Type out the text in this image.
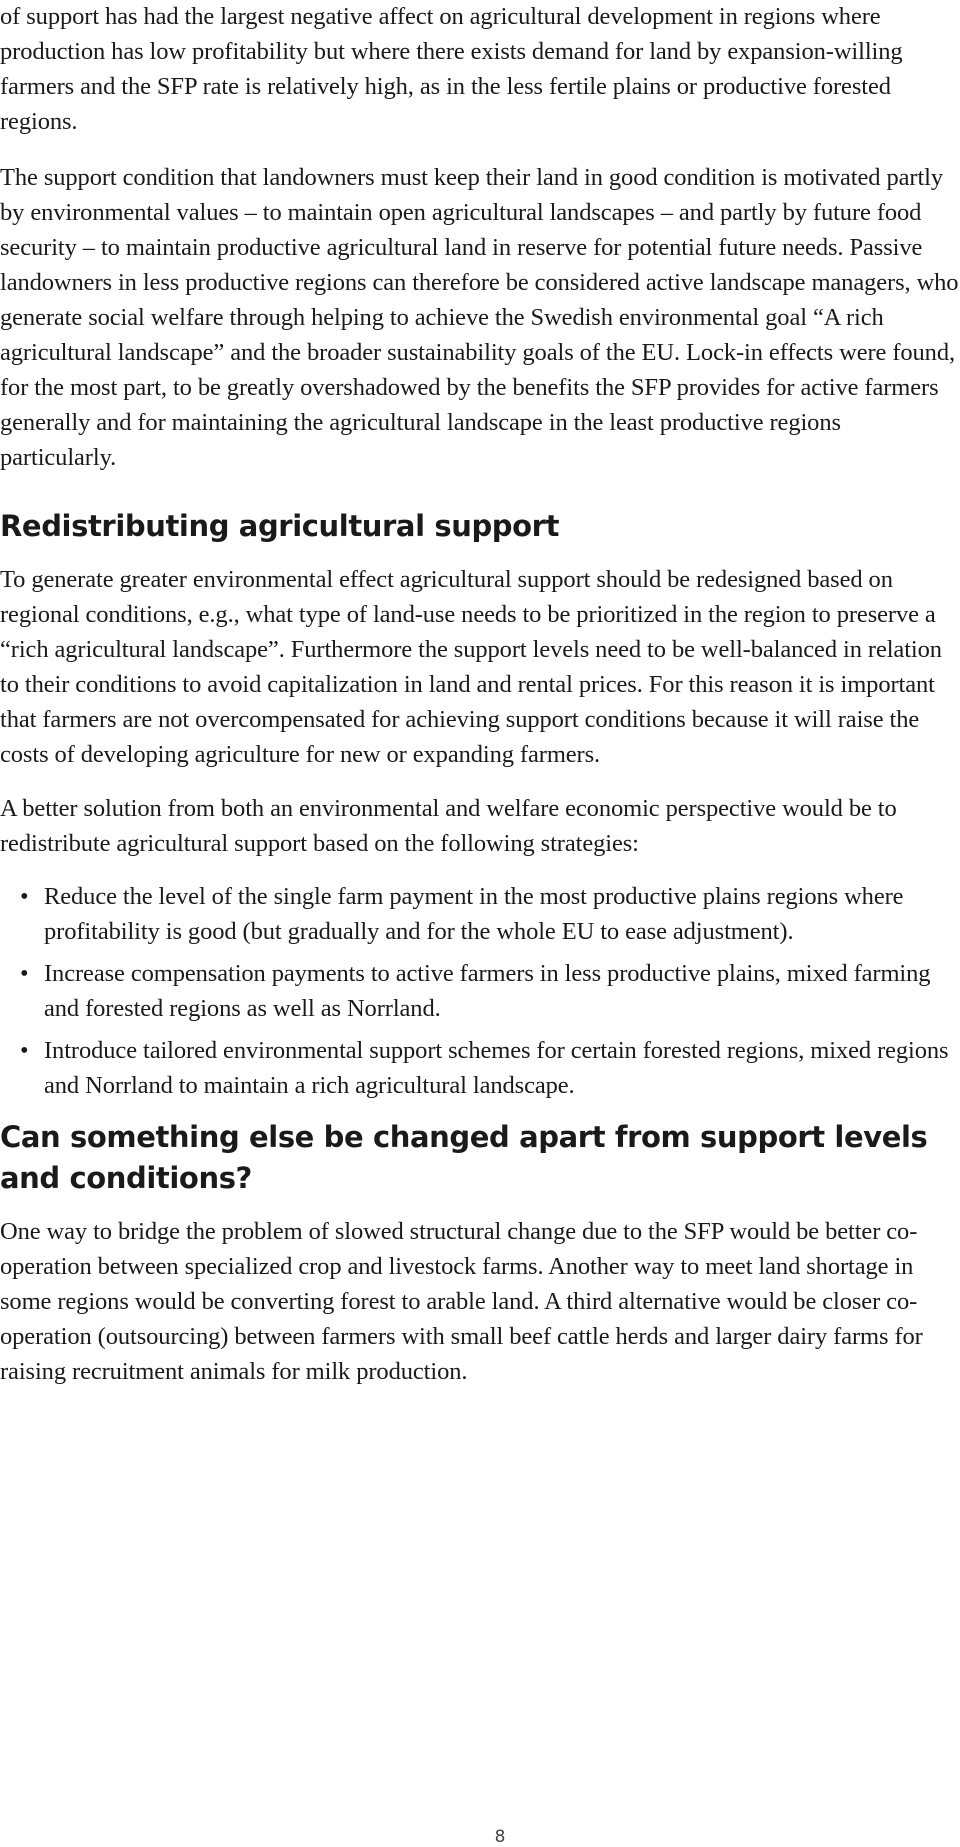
of support has had the largest negative affect on agricultural development in regions where production has low profitability but where there exists demand for land by expansion-willing farmers and the SFP rate is relatively high, as in the less fertile plains or productive forested regions.

The support condition that landowners must keep their land in good condition is motivated partly by environmental values – to maintain open agricultural landscapes – and partly by future food security – to maintain productive agricultural land in reserve for potential future needs. Passive landowners in less productive regions can therefore be considered active landscape managers, who generate social welfare through helping to achieve the Swedish environmental goal “A rich agricultural landscape” and the broader sustainability goals of the EU. Lock-in effects were found, for the most part, to be greatly overshadowed by the benefits the SFP provides for active farmers generally and for maintaining the agricultural landscape in the least productive regions particularly.

Redistributing agricultural support

To generate greater environmental effect agricultural support should be redesigned based on regional conditions, e.g., what type of land-use needs to be prioritized in the region to preserve a “rich agricultural landscape”. Furthermore the support levels need to be well-balanced in relation to their conditions to avoid capitalization in land and rental prices. For this reason it is important that farmers are not overcompensated for achieving support conditions because it will raise the costs of developing agriculture for new or expanding farmers.

A better solution from both an environmental and welfare economic perspective would be to redistribute agricultural support based on the following strategies:

• Reduce the level of the single farm payment in the most productive plains regions where profitability is good (but gradually and for the whole EU to ease adjustment).
• Increase compensation payments to active farmers in less productive plains, mixed farming and forested regions as well as Norrland.
• Introduce tailored environmental support schemes for certain forested regions, mixed regions and Norrland to maintain a rich agricultural landscape.
Can something else be changed apart from support levels and conditions?

One way to bridge the problem of slowed structural change due to the SFP would be better co-operation between specialized crop and livestock farms. Another way to meet land shortage in some regions would be converting forest to arable land. A third alternative would be closer co-operation (outsourcing) between farmers with small beef cattle herds and larger dairy farms for raising recruitment animals for milk production.

8
